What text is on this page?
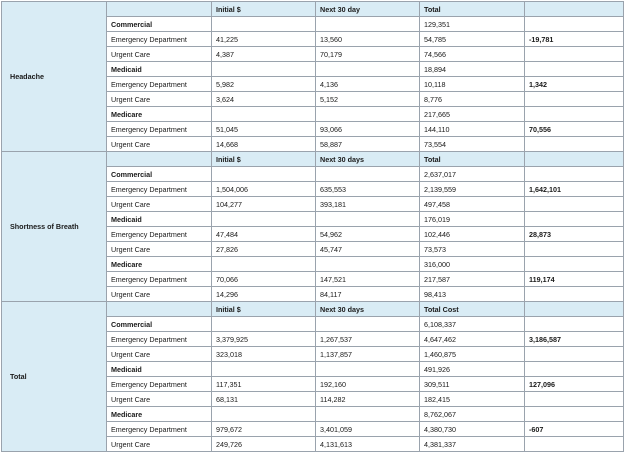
Headache		Initial $	Next 30 day	Total	
	Commercial			129,351	
	Emergency Department	41,225	13,560	54,785	-19,781
	Urgent Care	4,387	70,179	74,566	
	Medicaid			18,894	
	Emergency Department	5,982	4,136	10,118	1,342
	Urgent Care	3,624	5,152	8,776	
	Medicare			217,665	
	Emergency Department	51,045	93,066	144,110	70,556
	Urgent Care	14,668	58,887	73,554	
Shortness of Breath		Initial $	Next 30 days	Total	
	Commercial			2,637,017	
	Emergency Department	1,504,006	635,553	2,139,559	1,642,101
	Urgent Care	104,277	393,181	497,458	
	Medicaid			176,019	
	Emergency Department	47,484	54,962	102,446	28,873
	Urgent Care	27,826	45,747	73,573	
	Medicare			316,000	
	Emergency Department	70,066	147,521	217,587	119,174
	Urgent Care	14,296	84,117	98,413	
Total		Initial $	Next 30 days	Total Cost	
	Commercial			6,108,337	
	Emergency Department	3,379,925	1,267,537	4,647,462	3,186,587
	Urgent Care	323,018	1,137,857	1,460,875	
	Medicaid			491,926	
	Emergency Department	117,351	192,160	309,511	127,096
	Urgent Care	68,131	114,282	182,415	
	Medicare			8,762,067	
	Emergency Department	979,672	3,401,059	4,380,730	-607
	Urgent Care	249,726	4,131,613	4,381,337	
